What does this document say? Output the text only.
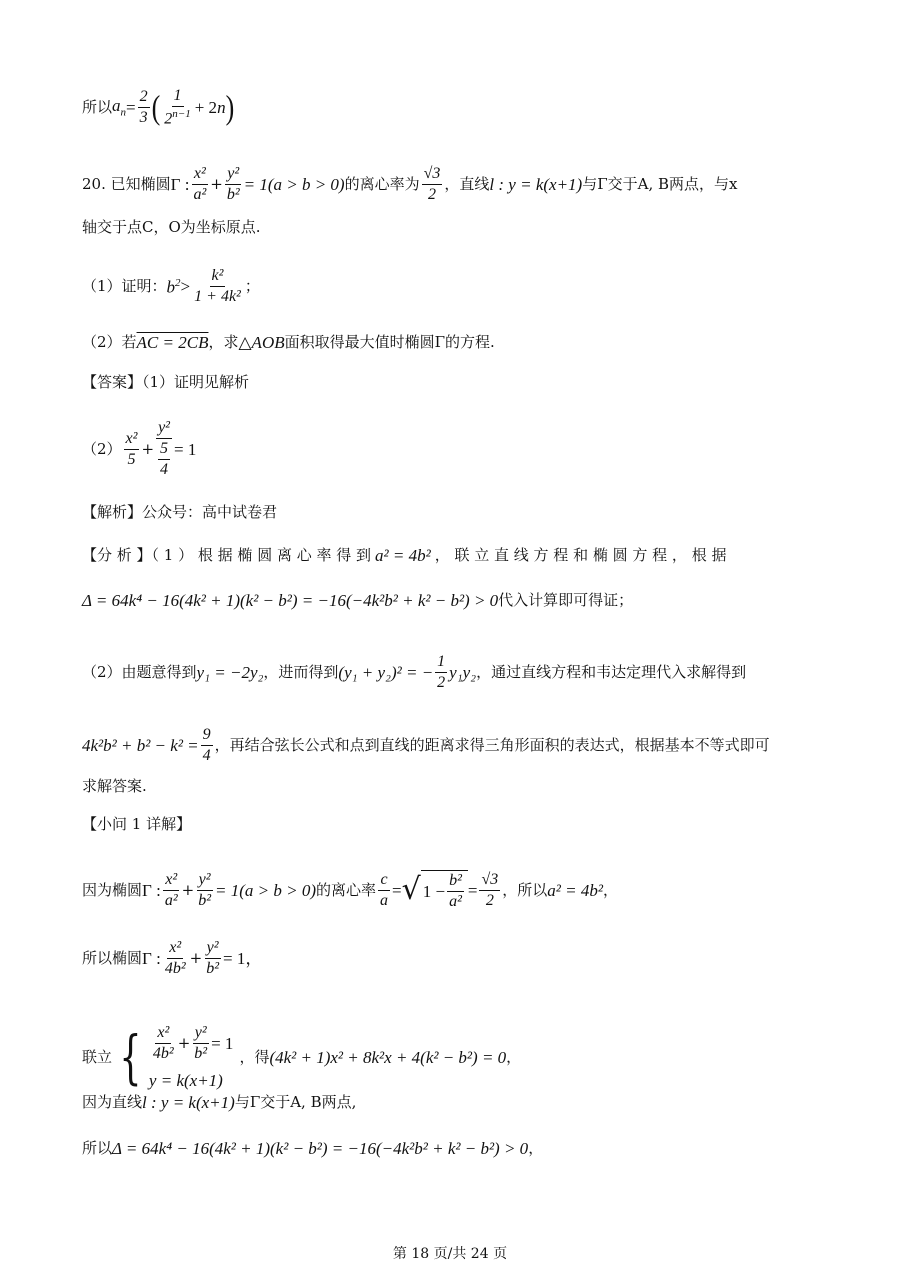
所以 $a_n = \frac{2}{3}$ ( $\frac{1}{2^{n-1}} + 2$ n )
20. 已知椭圆 Γ : $\frac{\text{x²}}{\text{a²}} + \frac{\text{y²}}{\text{b²}} = 1(a > b > 0)$ 的离心率为 $\frac{√3}{2}$ ，直线 l : y = k(x+1) 与Γ交于A, B两点，与x
轴交于点C，O为坐标原点.
（1）证明： $b^2 > \frac{\text{k²}}{\text{1 + 4k²}}$ ；
（2）若 AC = 2CB ，求 △AOB 面积取得最大值时椭圆Γ的方程.
【答案】（1）证明见解析
$(2) \frac{\text{x²}}{5} + \frac{\text{y²}}{\frac{5}{4}} = 1$
【解析】公众号：高中试卷君
【分 析 】（ 1 ） 根 据 椭 圆 离 心 率 得 到 a² = 4b² ， 联 立 直 线 方 程 和 椭 圆 方 程 ， 根 据
Δ = 64k⁴ − 16(4k² + 1)(k² − b²) = −16(−4k²b² + k² − b²) > 0 代入计算即可得证；
（2）由题意得到 y₁ = −2y₂ ，进而得到 (y₁ + y₂)² = − $\frac{1}{2} y_1y_2$ ，通过直线方程和韦达定理代入求解得到
$4k^2b^2 + b^2 - k^2 = \frac{9}{4}$ ，再结合弦长公式和点到直线的距离求得三角形面积的表达式，根据基本不等式即可
求解答案.
【小问 1 详解】
因为椭圆 Γ : $\frac{\text{x²}}{\text{a²}} + \frac{\text{y²}}{\text{b²}} = 1(a > b > 0)$ 的离心率 $\frac{c}{a}$ = √ $1 - \frac{\text{b²}}{\text{a²}} = \frac{√3}{2}$ ，所以 a² = 4b² ，
所以椭圆 Γ : $\frac{\text{x²}}{\text{4b²}} + \frac{\text{y²}}{\text{b²}} = 1$，
联立 { $\frac{\text{x²}}{\text{4b²}} + \frac{\text{y²}}{\text{b²}} = 1$
y = k(x+1)
，得 (4k² + 1)x² + 8k²x + 4(k² − b²) = 0 ，
因为直线 l : y = k(x+1) 与Γ交于A, B两点,
所以 Δ = 64k⁴ − 16(4k² + 1)(k² − b²) = −16(−4k²b² + k² − b²) > 0 ，
第 18 页/共 24 页
